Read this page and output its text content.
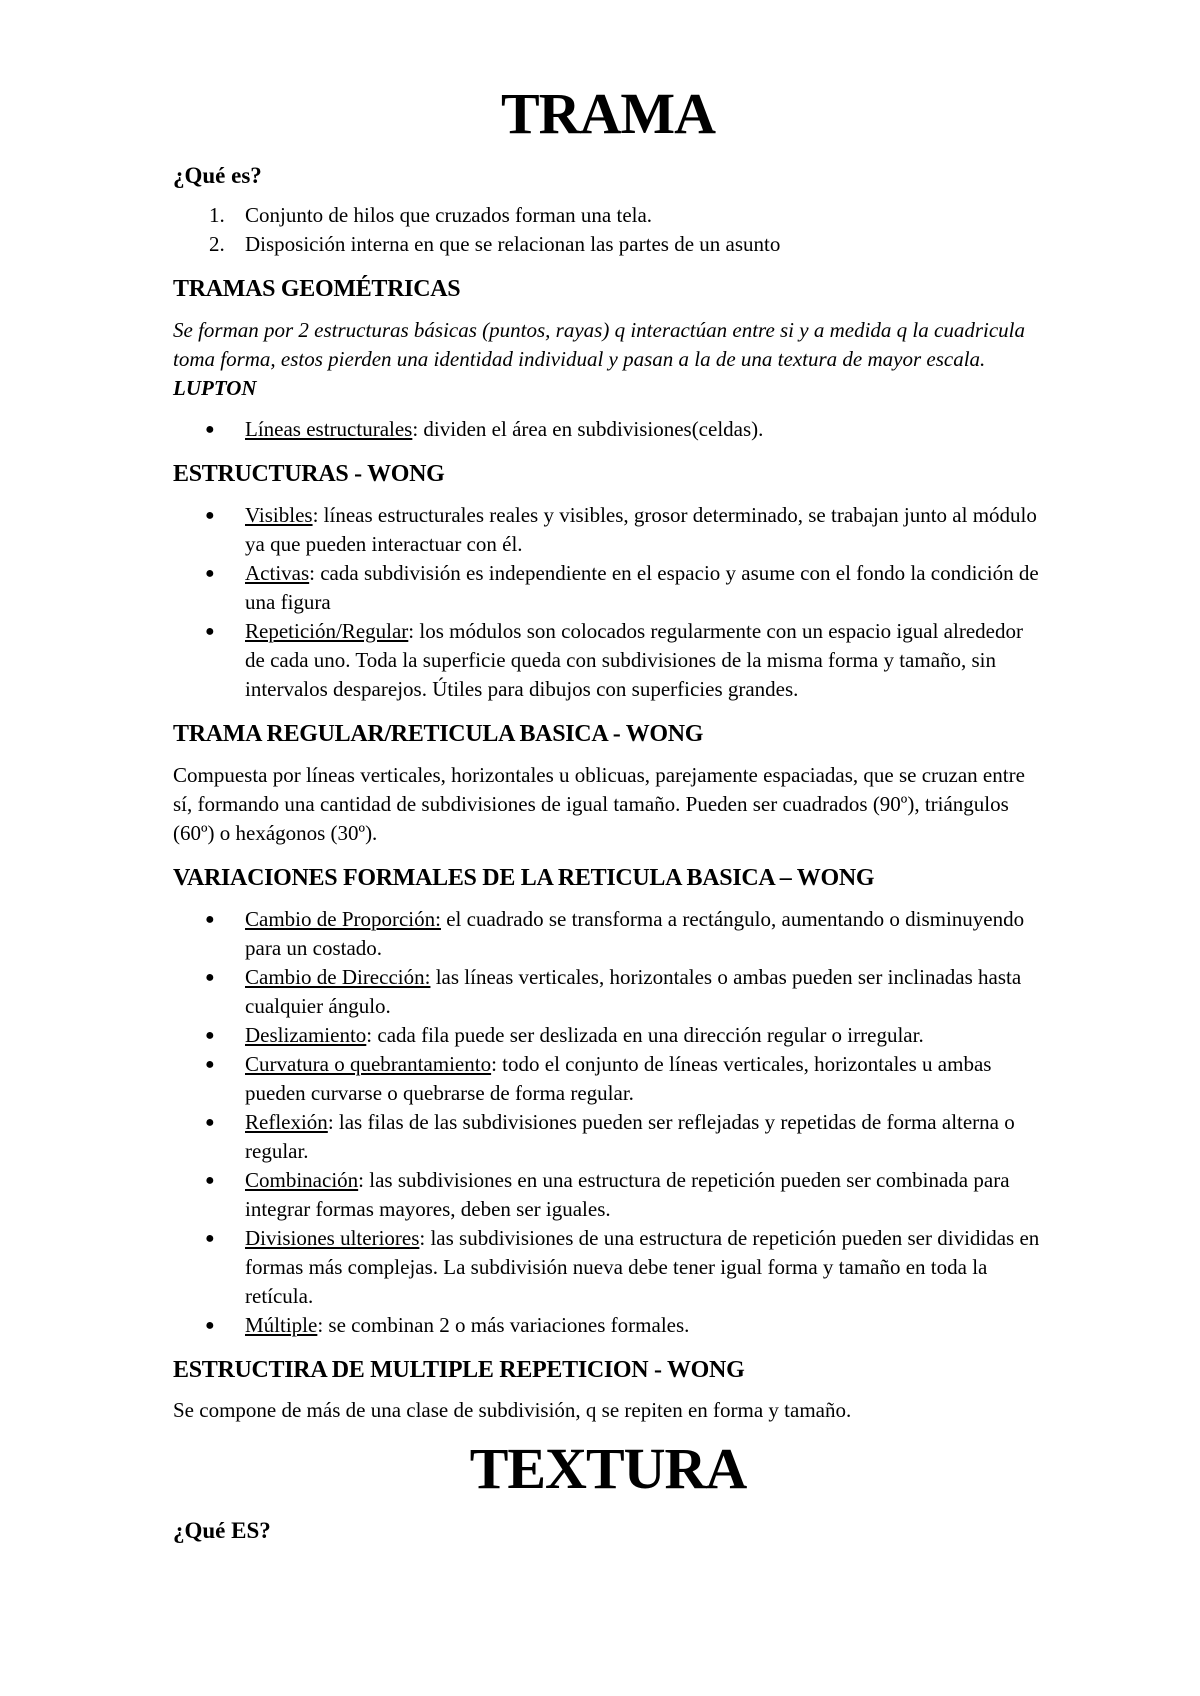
TRAMA
¿Qué es?
1. Conjunto de hilos que cruzados forman una tela.
2. Disposición interna en que se relacionan las partes de un asunto
TRAMAS GEOMÉTRICAS

Se forman por 2 estructuras básicas (puntos, rayas) q interactúan entre si y a medida q la cuadricula toma forma, estos pierden una identidad individual y pasan a la de una textura de mayor escala. LUPTON

● Líneas estructurales: dividen el área en subdivisiones(celdas).
ESTRUCTURAS - WONG
● Visibles: líneas estructurales reales y visibles, grosor determinado, se trabajan junto al módulo ya que pueden interactuar con él.
● Activas: cada subdivisión es independiente en el espacio y asume con el fondo la condición de una figura
● Repetición/Regular: los módulos son colocados regularmente con un espacio igual alrededor de cada uno. Toda la superficie queda con subdivisiones de la misma forma y tamaño, sin intervalos desparejos. Útiles para dibujos con superficies grandes.
TRAMA REGULAR/RETICULA BASICA - WONG

Compuesta por líneas verticales, horizontales u oblicuas, parejamente espaciadas, que se cruzan entre sí, formando una cantidad de subdivisiones de igual tamaño. Pueden ser cuadrados (90º), triángulos (60º) o hexágonos (30º).

VARIACIONES FORMALES DE LA RETICULA BASICA – WONG
● Cambio de Proporción: el cuadrado se transforma a rectángulo, aumentando o disminuyendo para un costado.
● Cambio de Dirección: las líneas verticales, horizontales o ambas pueden ser inclinadas hasta cualquier ángulo.
● Deslizamiento: cada fila puede ser deslizada en una dirección regular o irregular.
● Curvatura o quebrantamiento: todo el conjunto de líneas verticales, horizontales u ambas pueden curvarse o quebrarse de forma regular.
● Reflexión: las filas de las subdivisiones pueden ser reflejadas y repetidas de forma alterna o regular.
● Combinación: las subdivisiones en una estructura de repetición pueden ser combinada para integrar formas mayores, deben ser iguales.
● Divisiones ulteriores: las subdivisiones de una estructura de repetición pueden ser divididas en formas más complejas. La subdivisión nueva debe tener igual forma y tamaño en toda la retícula.
● Múltiple: se combinan 2 o más variaciones formales.
ESTRUCTIRA DE MULTIPLE REPETICION - WONG

Se compone de más de una clase de subdivisión, q se repiten en forma y tamaño.

TEXTURA
¿Qué ES?
